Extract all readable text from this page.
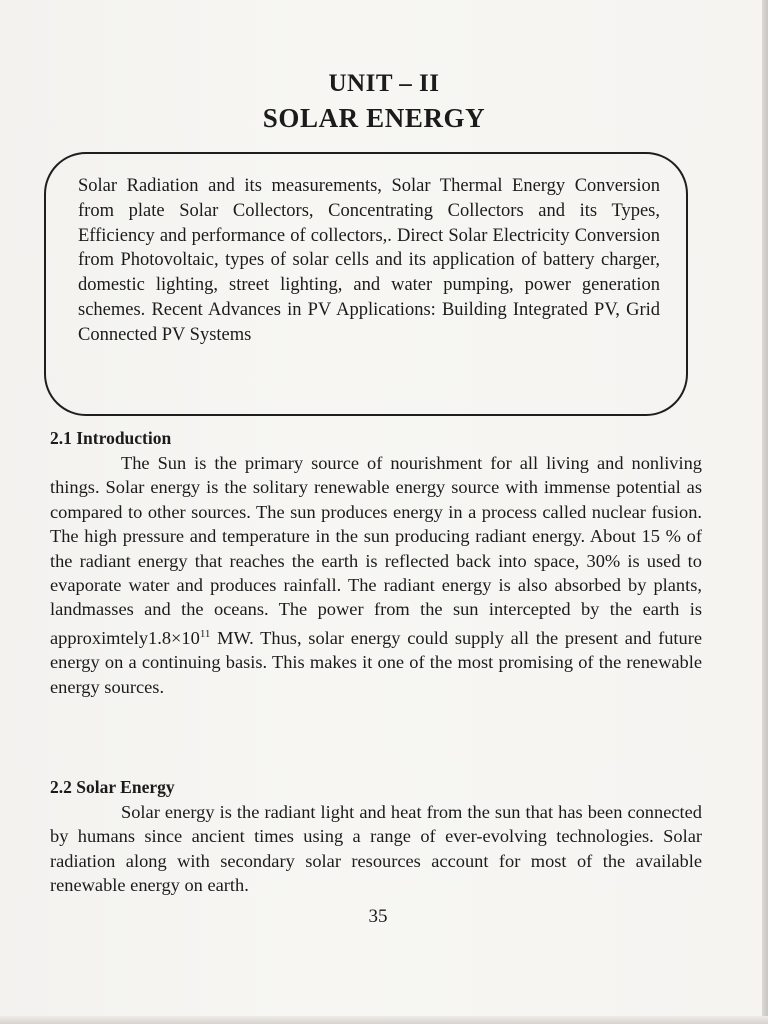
UNIT – II
SOLAR ENERGY
Solar Radiation and its measurements, Solar Thermal Energy Conversion from plate Solar Collectors, Concentrating Collectors and its Types, Efficiency and performance of collectors,. Direct Solar Electricity Conversion from Photovoltaic, types of solar cells and its application of battery charger, domestic lighting, street lighting, and water pumping, power generation schemes. Recent Advances in PV Applications: Building Integrated PV, Grid Connected PV Systems
2.1 Introduction
The Sun is the primary source of nourishment for all living and nonliving things. Solar energy is the solitary renewable energy source with immense potential as compared to other sources. The sun produces energy in a process called nuclear fusion. The high pressure and temperature in the sun producing radiant energy. About 15 % of the radiant energy that reaches the earth is reflected back into space, 30% is used to evaporate water and produces rainfall. The radiant energy is also absorbed by plants, landmasses and the oceans. The power from the sun intercepted by the earth is $approximtely1.8\times 10^{11}$ MW. Thus, solar energy could supply all the present and future energy on a continuing basis. This makes it one of the most promising of the renewable energy sources.
2.2 Solar Energy
Solar energy is the radiant light and heat from the sun that has been connected by humans since ancient times using a range of ever-evolving technologies. Solar radiation along with secondary solar resources account for most of the available renewable energy on earth.
35
